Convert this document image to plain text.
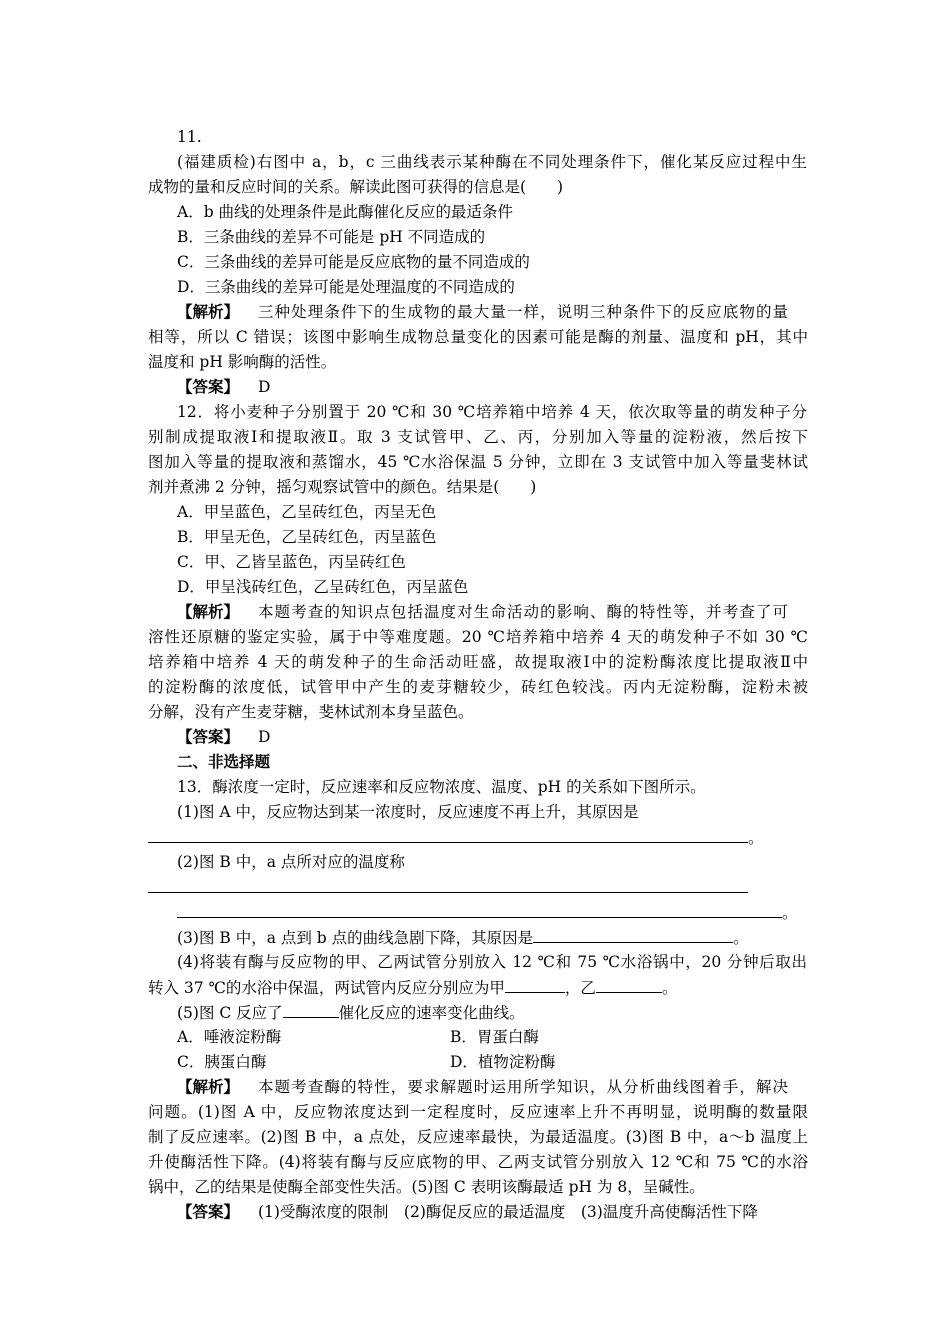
11.
(福建质检)右图中 a，b，c 三曲线表示某种酶在不同处理条件下，催化某反应过程中生
成物的量和反应时间的关系。解读此图可获得的信息是(　　)
A．b 曲线的处理条件是此酶催化反应的最适条件
B．三条曲线的差异不可能是 pH 不同造成的
C．三条曲线的差异可能是反应底物的量不同造成的
D．三条曲线的差异可能是处理温度的不同造成的
【解析】 三种处理条件下的生成物的最大量一样，说明三种条件下的反应底物的量
相等，所以 C 错误；该图中影响生成物总量变化的因素可能是酶的剂量、温度和 pH，其中
温度和 pH 影响酶的活性。
【答案】 D
12．将小麦种子分别置于 20 ℃和 30 ℃培养箱中培养 4 天，依次取等量的萌发种子分
别制成提取液Ⅰ和提取液Ⅱ。取 3 支试管甲、乙、丙，分别加入等量的淀粉液，然后按下
图加入等量的提取液和蒸馏水，45 ℃水浴保温 5 分钟，立即在 3 支试管中加入等量斐林试
剂并煮沸 2 分钟，摇匀观察试管中的颜色。结果是(　　)
A．甲呈蓝色，乙呈砖红色，丙呈无色
B．甲呈无色，乙呈砖红色，丙呈蓝色
C．甲、乙皆呈蓝色，丙呈砖红色
D．甲呈浅砖红色，乙呈砖红色，丙呈蓝色
【解析】 本题考查的知识点包括温度对生命活动的影响、酶的特性等，并考查了可
溶性还原糖的鉴定实验，属于中等难度题。20 ℃培养箱中培养 4 天的萌发种子不如 30 ℃
培养箱中培养 4 天的萌发种子的生命活动旺盛，故提取液Ⅰ中的淀粉酶浓度比提取液Ⅱ中
的淀粉酶的浓度低，试管甲中产生的麦芽糖较少，砖红色较浅。丙内无淀粉酶，淀粉未被
分解，没有产生麦芽糖，斐林试剂本身呈蓝色。
【答案】 D
二、非选择题
13．酶浓度一定时，反应速率和反应物浓度、温度、pH 的关系如下图所示。
(1)图 A 中，反应物达到某一浓度时，反应速度不再上升，其原因是
。
(2)图 B 中，a 点所对应的温度称
。
(3)图 B 中，a 点到 b 点的曲线急剧下降，其原因是	。
(4)将装有酶与反应物的甲、乙两试管分别放入 12 ℃和 75 ℃水浴锅中，20 分钟后取出
转入 37 ℃的水浴中保温，两试管内反应分别应为甲	，乙	。
(5)图 C 反应了	催化反应的速率变化曲线。
A．唾液淀粉酶	B．胃蛋白酶
C．胰蛋白酶	D．植物淀粉酶
【解析】 本题考查酶的特性，要求解题时运用所学知识，从分析曲线图着手，解决
问题。(1)图 A 中，反应物浓度达到一定程度时，反应速率上升不再明显，说明酶的数量限
制了反应速率。(2)图 B 中，a 点处，反应速率最快，为最适温度。(3)图 B 中，a～b 温度上
升使酶活性下降。(4)将装有酶与反应底物的甲、乙两支试管分别放入 12 ℃和 75 ℃的水浴
锅中，乙的结果是使酶全部变性失活。(5)图 C 表明该酶最适 pH 为 8，呈碱性。
【答案】 (1)受酶浓度的限制　(2)酶促反应的最适温度　(3)温度升高使酶活性下降
